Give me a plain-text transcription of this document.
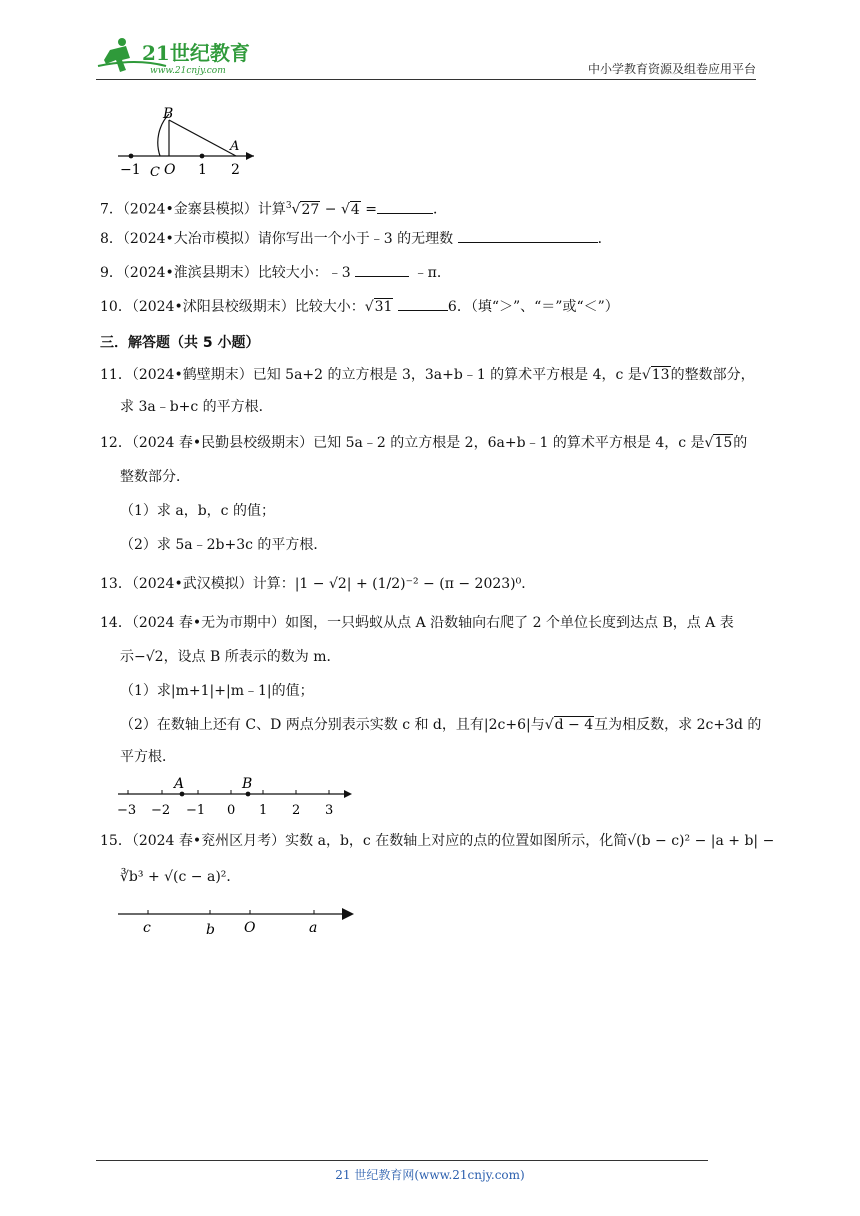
21世纪教育
www.21cnjy.com	中小学教育资源及组卷应用平台
B
A
−1 C O 1 2
7．（2024•金寨县模拟）计算$^3$√27 − √4 =	．
8．（2024•大冶市模拟）请你写出一个小于﹣3 的无理数	．
9．（2024•淮滨县期末）比较大小：﹣3	﹣π．
10．（2024•沭阳县校级期末）比较大小：√31	6．（填“＞”、“＝”或“＜”）
三．解答题（共 5 小题）
11．（2024•鹤壁期末）已知 5a+2 的立方根是 3，3a+b﹣1 的算术平方根是 4，c 是√13的整数部分，
求 3a﹣b+c 的平方根．
12．（2024 春•民勤县校级期末）已知 5a﹣2 的立方根是 2，6a+b﹣1 的算术平方根是 4，c 是√15的
整数部分．
（1）求 a，b，c 的值；
（2）求 5a﹣2b+3c 的平方根．
13．（2024•武汉模拟）计算：|1 − √2| + (1/2)⁻² − (π − 2023)⁰．
14．（2024 春•无为市期中）如图，一只蚂蚁从点 A 沿数轴向右爬了 2 个单位长度到达点 B，点 A 表
示−√2，设点 B 所表示的数为 m．
（1）求|m+1|+|m﹣1|的值；
（2）在数轴上还有 C、D 两点分别表示实数 c 和 d，且有|2c+6|与√d − 4互为相反数，求 2c+3d 的
平方根．
A	B
−3 −2 −1 0 1 2 3
15．（2024 春•兖州区月考）实数 a，b，c 在数轴上对应的点的位置如图所示，化简√(b − c)² − |a + b| −
∛b³ + √(c − a)²．
c	b O	a
21 世纪教育网(www.21cnjy.com)
